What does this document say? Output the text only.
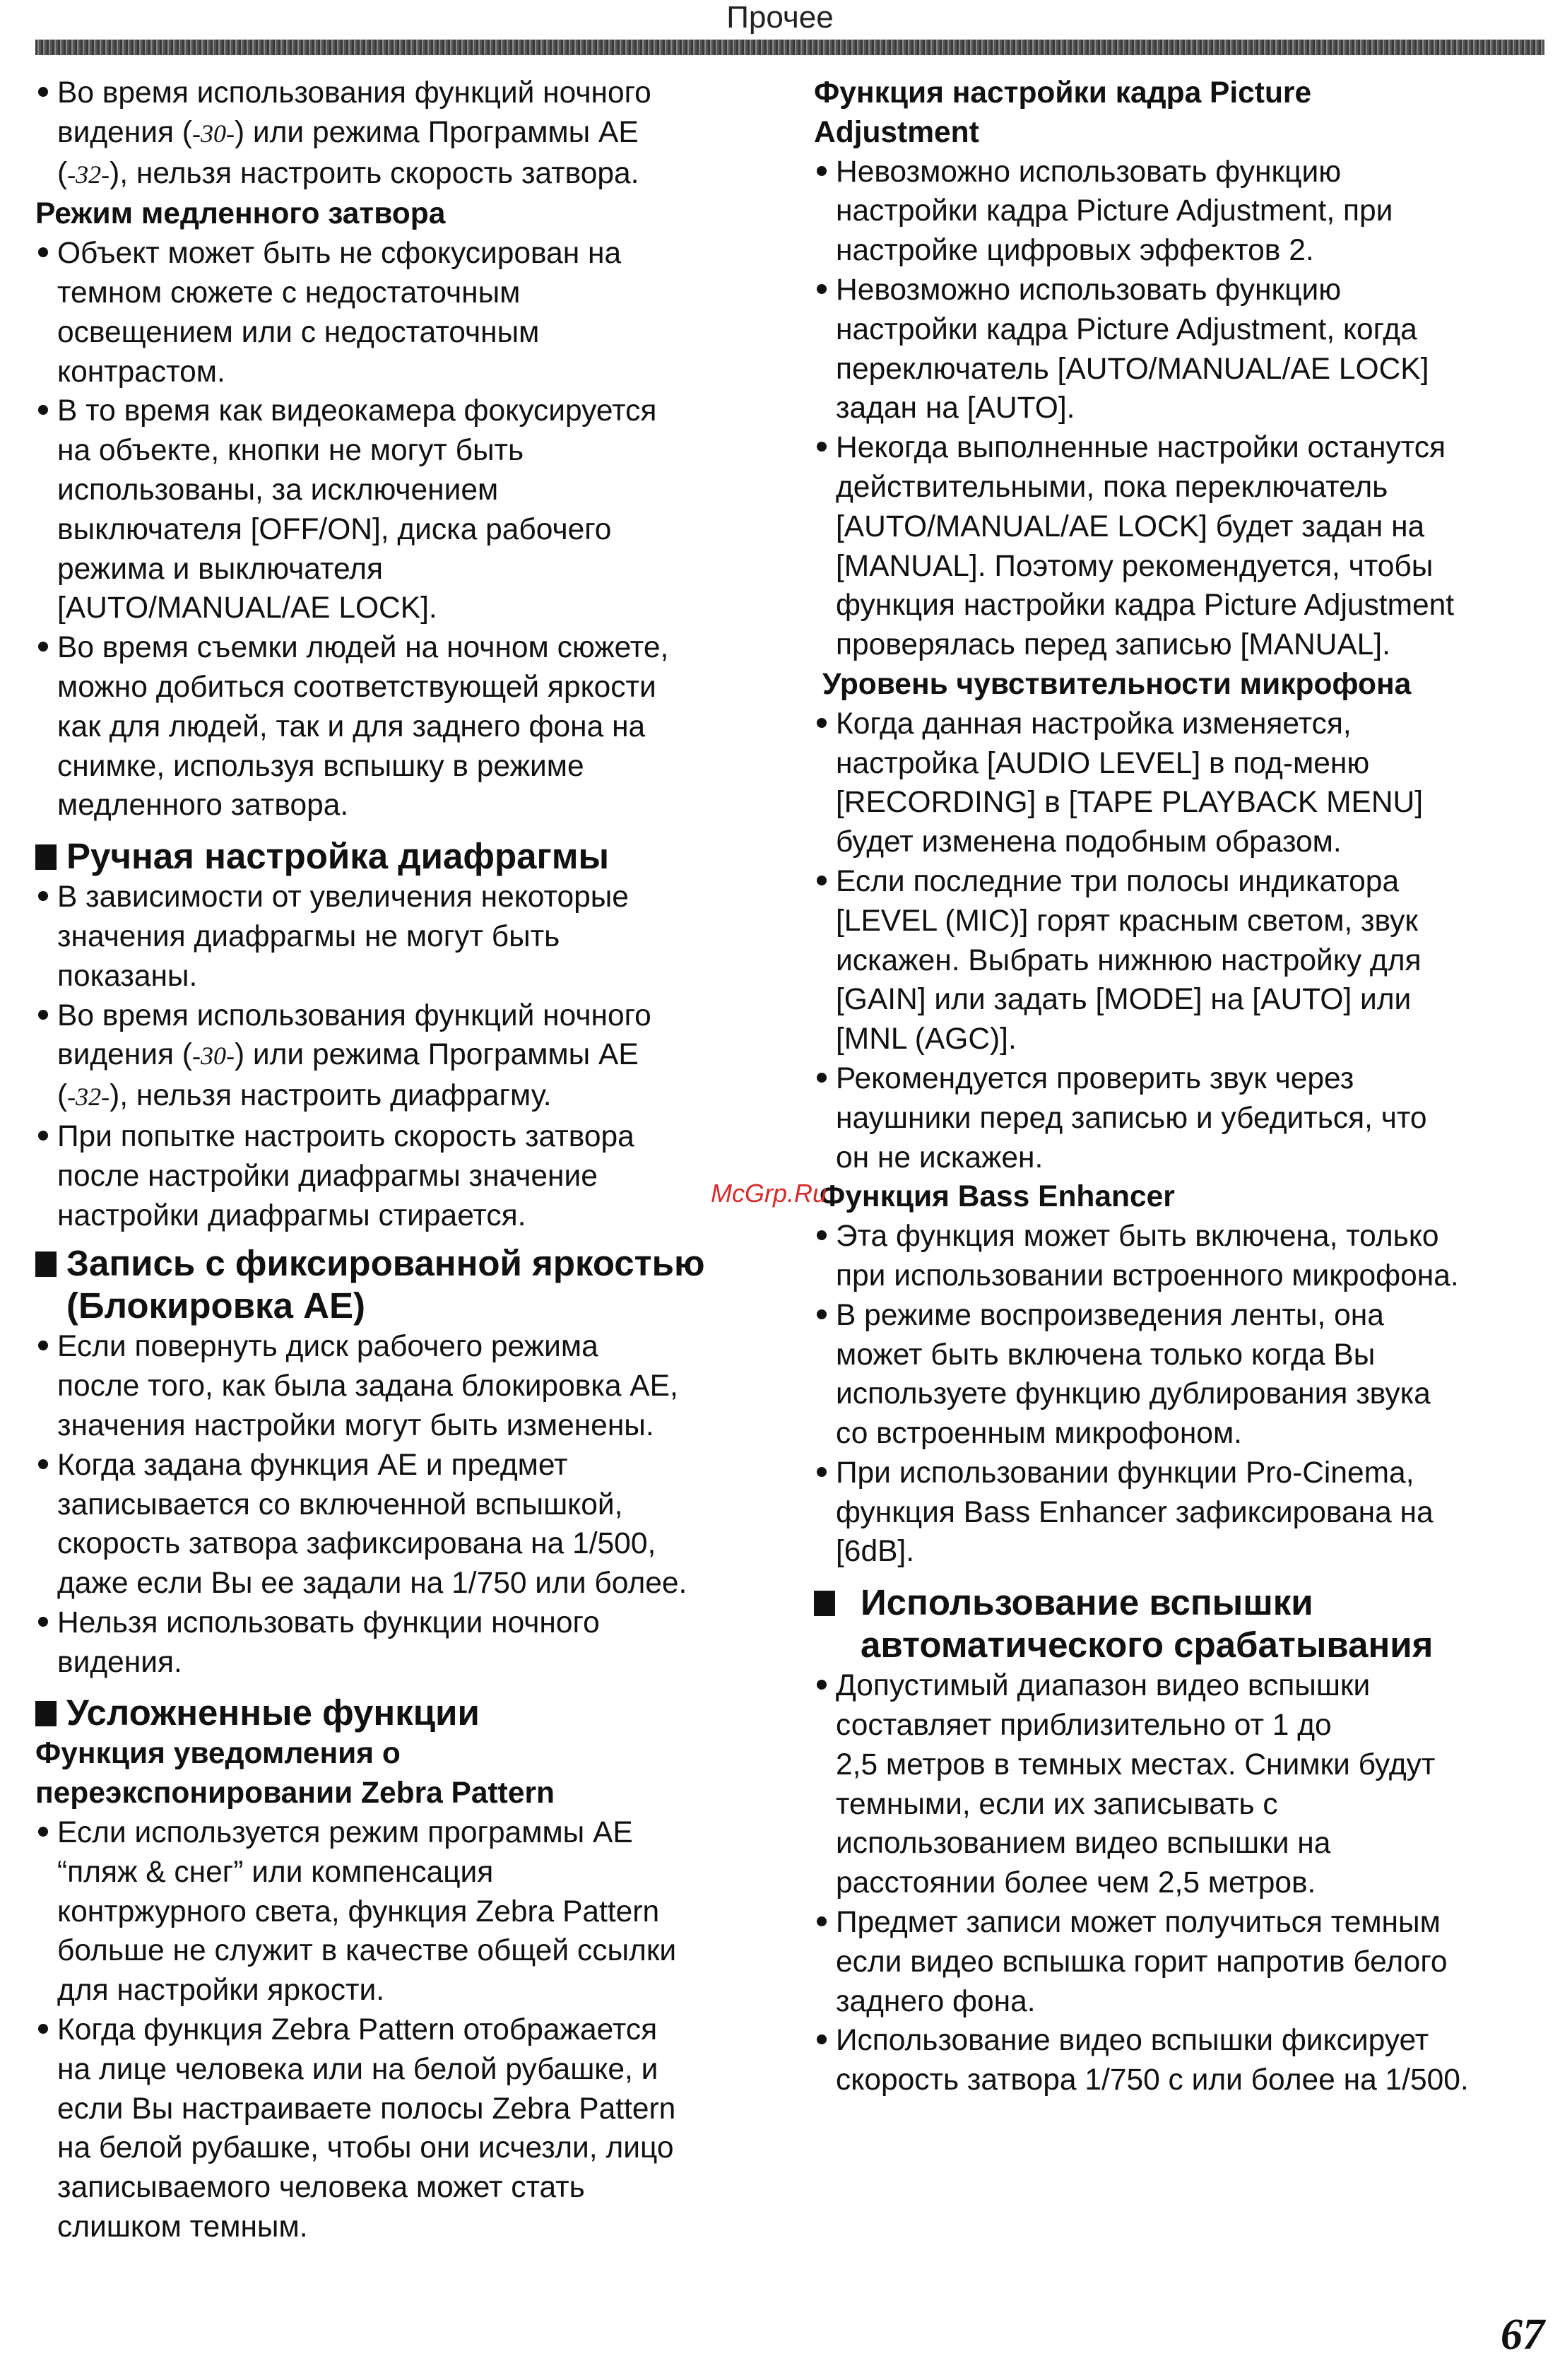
Прочее

Во время использования функций ночного

видения (-30-) или режима Программы АЕ

(-32-), нельзя настроить скорость затвора.

Режим медленного затвора

Объект может быть не сфокусирован на

темном сюжете с недостаточным

освещением или с недостаточным

контрастом.

В то время как видеокамера фокусируется

на объекте, кнопки не могут быть

использованы, за исключением

выключателя [OFF/ON], диска рабочего

режима и выключателя

[AUTO/MANUAL/AE LOCK].

Во время съемки людей на ночном сюжете,

можно добиться соответствующей яркости

как для людей, так и для заднего фона на

снимке, используя вспышку в режиме

медленного затвора.

Ручная настройка диафрагмы

В зависимости от увеличения некоторые

значения диафрагмы не могут быть

показаны.

Во время использования функций ночного

видения (-30-) или режима Программы АЕ

(-32-), нельзя настроить диафрагму.

При попытке настроить скорость затвора

после настройки диафрагмы значение

настройки диафрагмы стирается.

Запись с фиксированной яркостью

(Блокировка АЕ)

Если повернуть диск рабочего режима

после того, как была задана блокировка АЕ,

значения настройки могут быть изменены.

Когда задана функция АЕ и предмет

записывается со включенной вспышкой,

скорость затвора зафиксирована на 1/500,

даже если Вы ее задали на 1/750 или более.

Нельзя использовать функции ночного

видения.

Усложненные функции

Функция уведомления о

переэкспонировании Zebra Pattern

Если используется режим программы АЕ

“пляж & снег” или компенсация

контржурного света, функция Zebra Pattern

больше не служит в качестве общей ссылки

для настройки яркости.

Когда функция Zebra Pattern отображается

на лице человека или на белой рубашке, и

если Вы настраиваете полосы Zebra Pattern

на белой рубашке, чтобы они исчезли, лицо

записываемого человека может стать

слишком темным.

Функция настройки кадра Picture

Adjustment

Невозможно использовать функцию

настройки кадра Picture Adjustment, при

настройке цифровых эффектов 2.

Невозможно использовать функцию

настройки кадра Picture Adjustment, когда

переключатель [AUTO/MANUAL/AE LOCK]

задан на [AUTO].

Некогда выполненные настройки останутся

действительными, пока переключатель

[AUTO/MANUAL/AE LOCK] будет задан на

[MANUAL]. Поэтому рекомендуется, чтобы

функция настройки кадра Picture Adjustment

проверялась перед записью [MANUAL].

Уровень чувствительности микрофона

Когда данная настройка изменяется,

настройка [AUDIO LEVEL] в под-меню

[RECORDING] в [TAPE PLAYBACK MENU]

будет изменена подобным образом.

Если последние три полосы индикатора

[LEVEL (MIC)] горят красным светом, звук

искажен. Выбрать нижнюю настройку для

[GAIN] или задать [MODE] на [AUTO] или

[MNL (AGC)].

Рекомендуется проверить звук через

наушники перед записью и убедиться, что

он не искажен.

Функция Bass Enhancer

Эта функция может быть включена, только

при использовании встроенного микрофона.

В режиме воспроизведения ленты, она

может быть включена только когда Вы

используете функцию дублирования звука

со встроенным микрофоном.

При использовании функции Pro-Cinema,

функция Bass Enhancer зафиксирована на

[6dB].

Использование вспышки

автоматического срабатывания

Допустимый диапазон видео вспышки

составляет приблизительно от 1 до

2,5 метров в темных местах. Снимки будут

темными, если их записывать с

использованием видео вспышки на

расстоянии более чем 2,5 метров.

Предмет записи может получиться темным

если видео вспышка горит напротив белого

заднего фона.

Использование видео вспышки фиксирует

скорость затвора 1/750 с или более на 1/500.

McGrp.Ru
67
